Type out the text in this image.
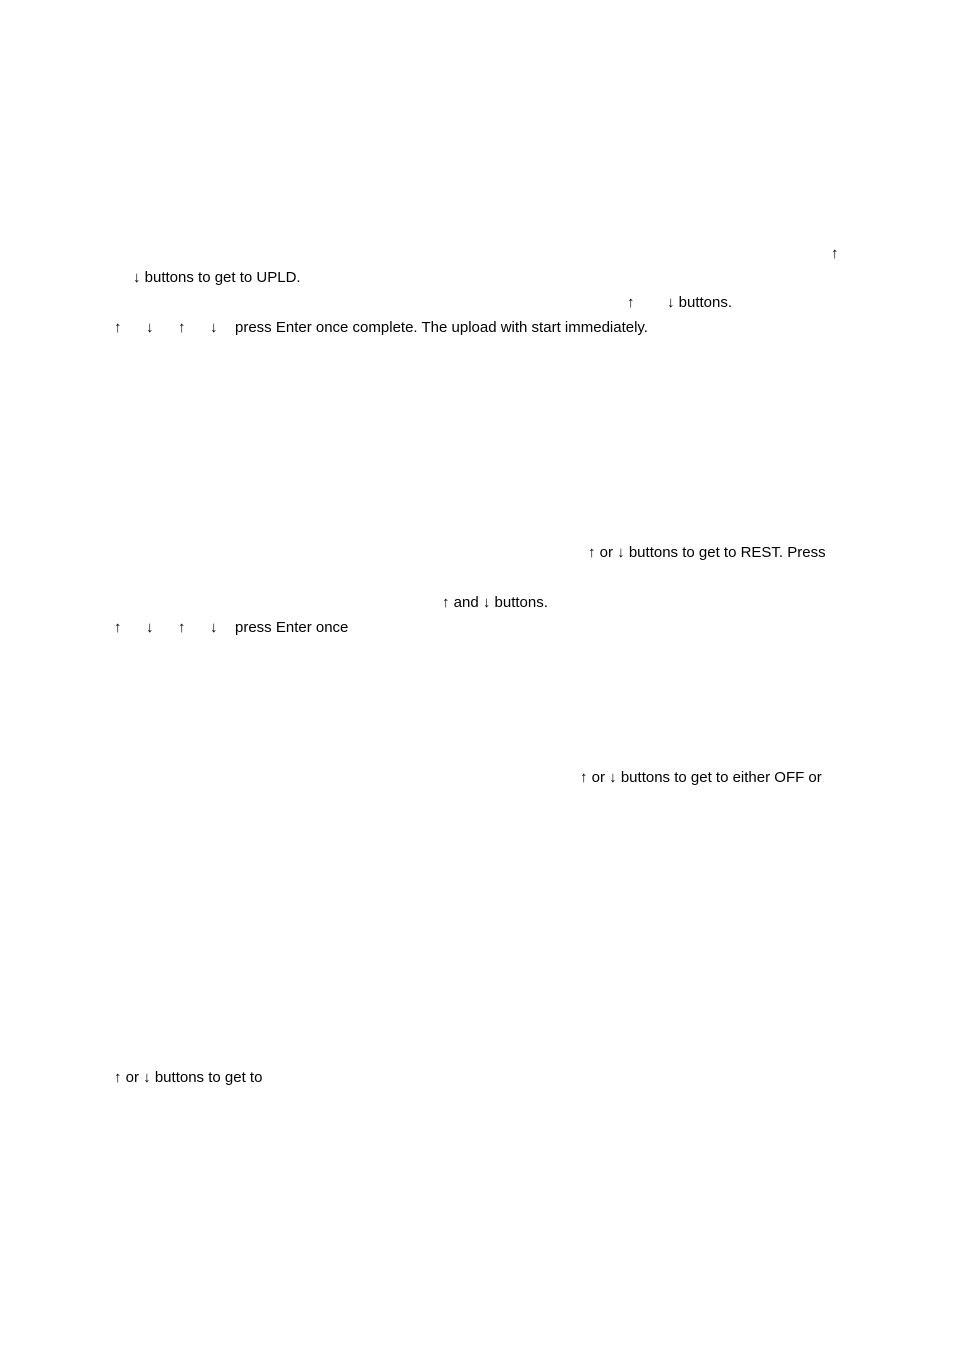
↑
↓ buttons to get to UPLD.
↑ ↓ buttons.
↑ ↓ ↑ ↓ press Enter once complete. The upload with start immediately.
↑ or ↓ buttons to get to REST. Press
↑ and ↓ buttons.
↑ ↓ ↑ ↓ press Enter once
↑ or ↓ buttons to get to either OFF or
↑ or ↓ buttons to get to
